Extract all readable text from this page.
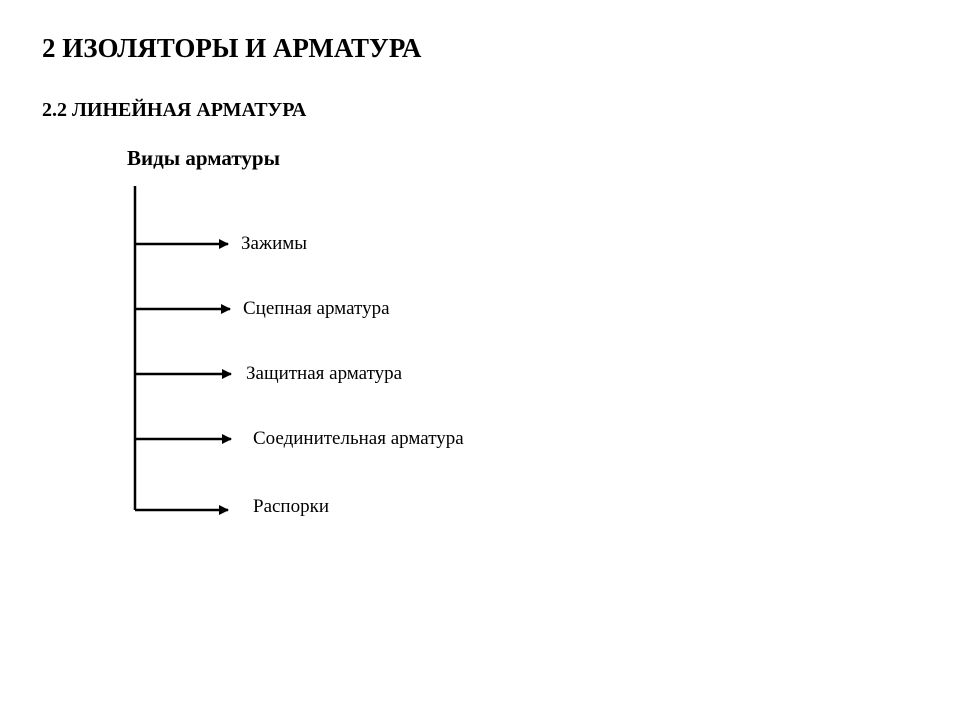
2 ИЗОЛЯТОРЫ И АРМАТУРА
2.2 ЛИНЕЙНАЯ АРМАТУРА
Виды арматуры
Зажимы
Сцепная арматура
Защитная арматура
Соединительная арматура
Распорки
